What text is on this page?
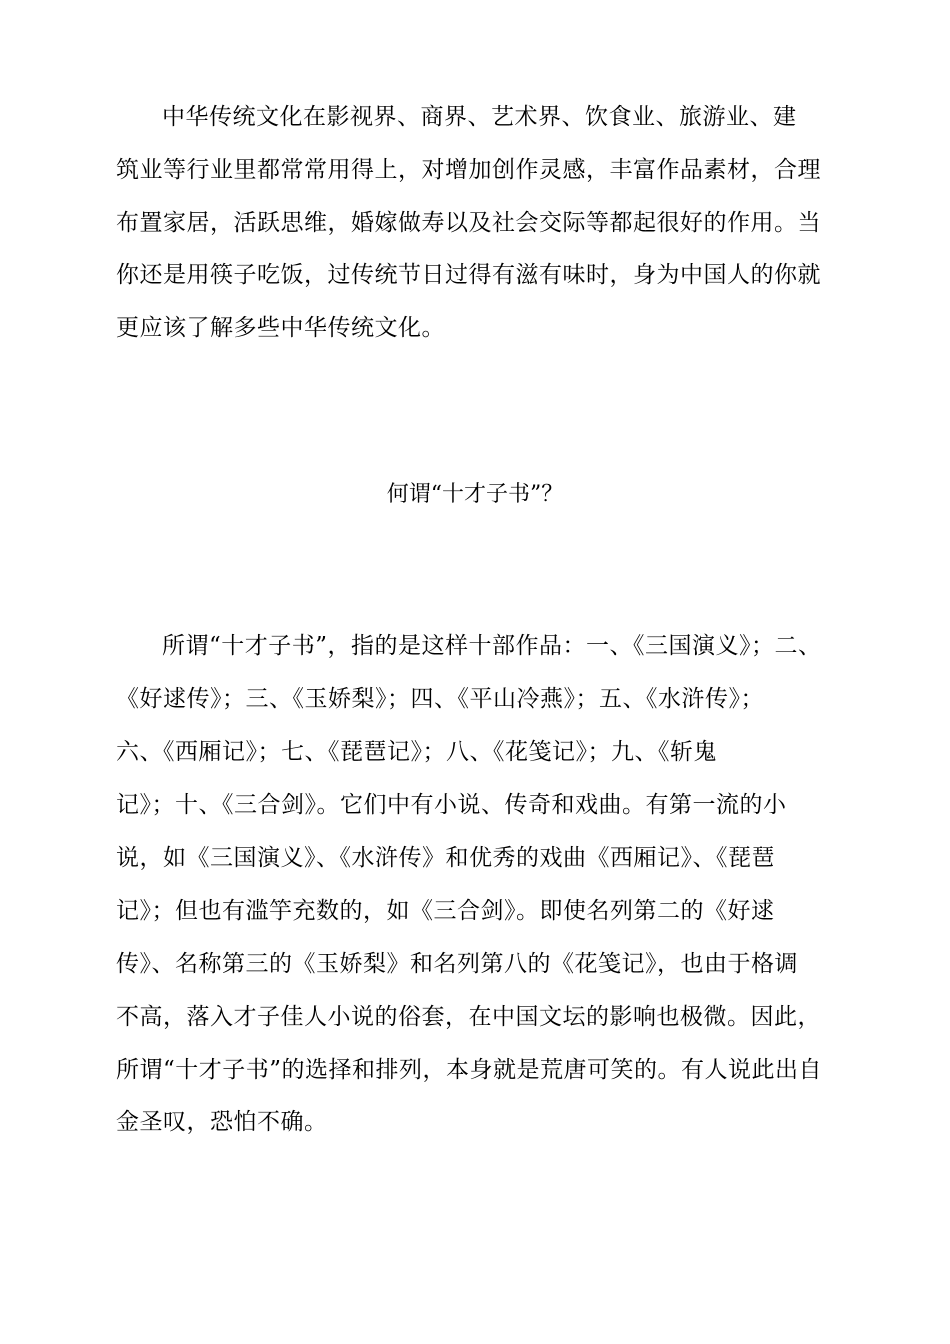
中华传统文化在影视界、商界、艺术界、饮食业、旅游业、建
筑业等行业里都常常用得上，对增加创作灵感，丰富作品素材，合理
布置家居，活跃思维，婚嫁做寿以及社会交际等都起很好的作用。当
你还是用筷子吃饭，过传统节日过得有滋有味时，身为中国人的你就
更应该了解多些中华传统文化。
何谓“十才子书”？
所谓“十才子书”，指的是这样十部作品：一、《三国演义》；二、
《好逑传》；三、《玉娇梨》；四、《平山冷燕》；五、《水浒传》；
六、《西厢记》；七、《琵琶记》；八、《花笺记》；九、《斩鬼
记》；十、《三合剑》。它们中有小说、传奇和戏曲。有第一流的小
说，如《三国演义》、《水浒传》和优秀的戏曲《西厢记》、《琵琶
记》；但也有滥竽充数的，如《三合剑》。即使名列第二的《好逑
传》、名称第三的《玉娇梨》和名列第八的《花笺记》，也由于格调
不高，落入才子佳人小说的俗套，在中国文坛的影响也极微。因此，
所谓“十才子书”的选择和排列，本身就是荒唐可笑的。有人说此出自
金圣叹，恐怕不确。
